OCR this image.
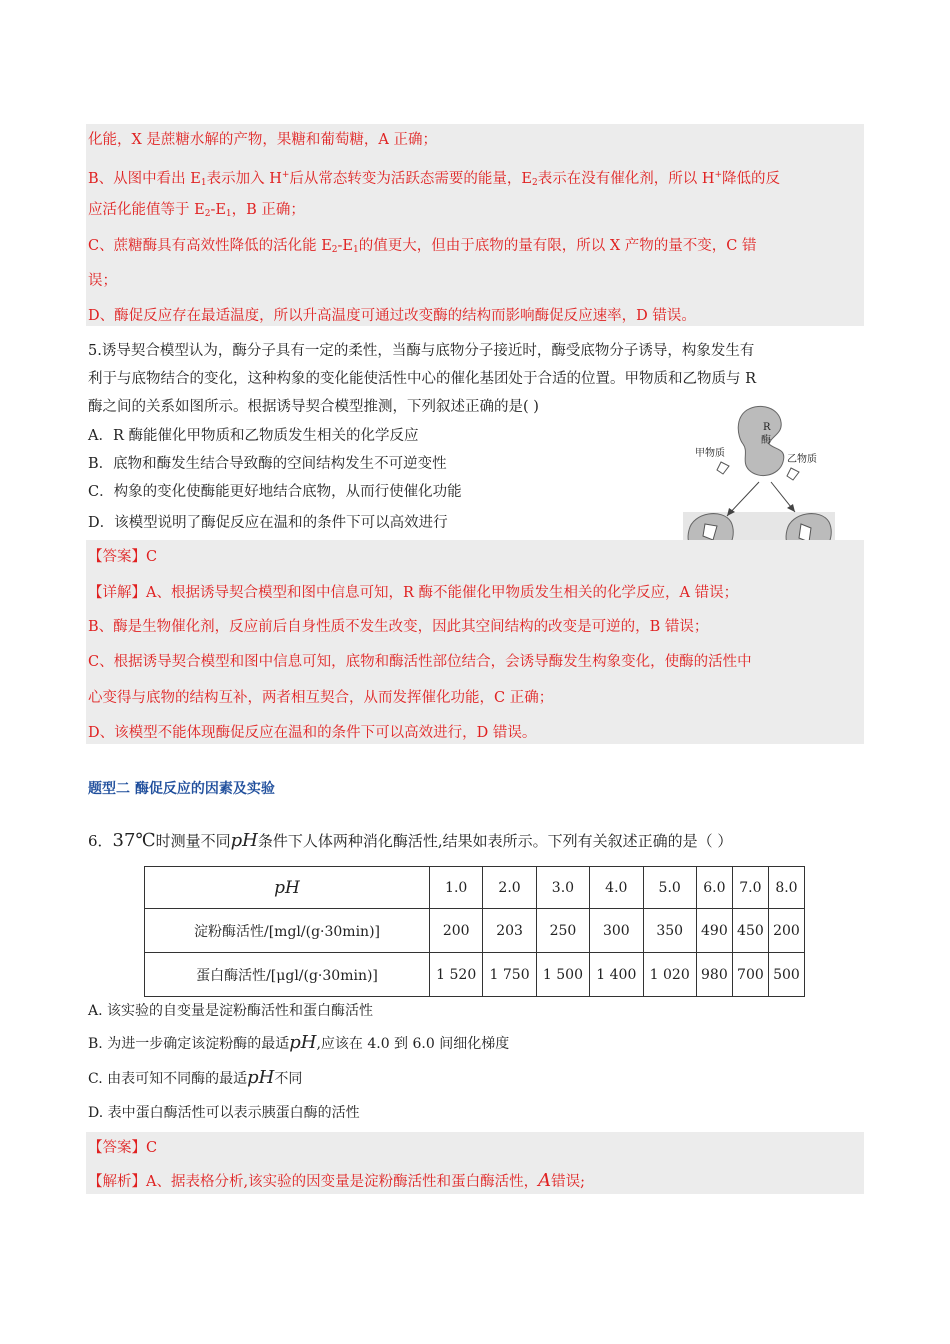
化能，X 是蔗糖水解的产物，果糖和葡萄糖，A 正确；
B、从图中看出 $E_1$表示加入 H+后从常态转变为活跃态需要的能量，$E_2$表示在没有催化剂，所以 H+降低的反
应活化能值等于 $E_2-E_1$，B 正确；
C、蔗糖酶具有高效性降低的活化能 $E_2-E_1$的值更大，但由于底物的量有限，所以 X 产物的量不变，C 错
误；
D、酶促反应存在最适温度，所以升高温度可通过改变酶的结构而影响酶促反应速率，D 错误。
5.诱导契合模型认为，酶分子具有一定的柔性，当酶与底物分子接近时，酶受底物分子诱导，构象发生有
利于与底物结合的变化，这种构象的变化能使活性中心的催化基团处于合适的位置。甲物质和乙物质与 R
酶之间的关系如图所示。根据诱导契合模型推测，下列叙述正确的是( )
A．R 酶能催化甲物质和乙物质发生相关的化学反应
B．底物和酶发生结合导致酶的空间结构发生不可逆变性
C．构象的变化使酶能更好地结合底物，从而行使催化功能
D．该模型说明了酶促反应在温和的条件下可以高效进行
R
酶
甲物质
乙物质
【答案】C
【详解】A、根据诱导契合模型和图中信息可知，R 酶不能催化甲物质发生相关的化学反应，A 错误；
B、酶是生物催化剂，反应前后自身性质不发生改变，因此其空间结构的改变是可逆的，B 错误；
C、根据诱导契合模型和图中信息可知，底物和酶活性部位结合，会诱导酶发生构象变化，使酶的活性中
心变得与底物的结构互补，两者相互契合，从而发挥催化功能，C 正确；
D、该模型不能体现酶促反应在温和的条件下可以高效进行，D 错误。
题型二 酶促反应的因素及实验
6．37℃时测量不同pH条件下人体两种消化酶活性,结果如表所示。下列有关叙述正确的是（ ）
pH	1.0	2.0	3.0	4.0	5.0	6.0	7.0	8.0
淀粉酶活性/[mgl/(g·30min)]	200	203	250	300	350	490	450	200
蛋白酶活性/[μgl/(g·30min)]	1 520	1 750	1 500	1 400	1 020	980	700	500
A. 该实验的自变量是淀粉酶活性和蛋白酶活性
B. 为进一步确定该淀粉酶的最适pH,应该在 4.0 到 6.0 间细化梯度
C. 由表可知不同酶的最适pH不同
D. 表中蛋白酶活性可以表示胰蛋白酶的活性
【答案】C
【解析】A、据表格分析,该实验的因变量是淀粉酶活性和蛋白酶活性，A错误;
